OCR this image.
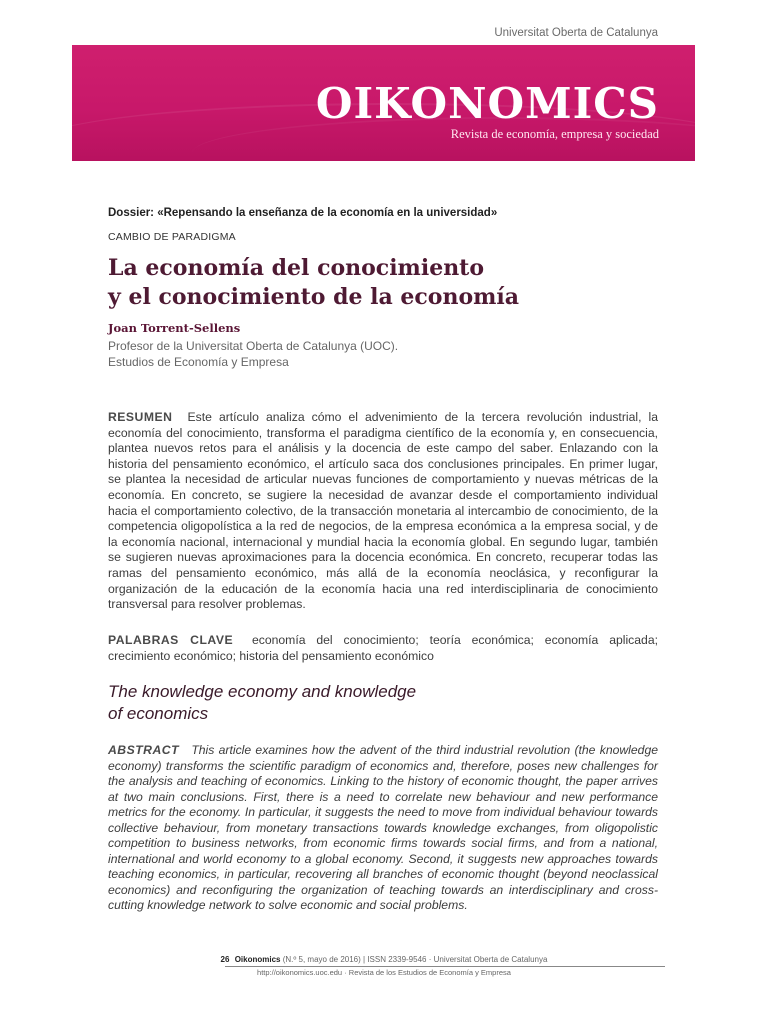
Universitat Oberta de Catalunya
OIKONOMICS
Revista de economía, empresa y sociedad
Dossier: «Repensando la enseñanza de la economía en la universidad»
CAMBIO DE PARADIGMA
La economía del conocimiento
y el conocimiento de la economía
Joan Torrent-Sellens
Profesor de la Universitat Oberta de Catalunya (UOC).
Estudios de Economía y Empresa

RESUMEN Este artículo analiza cómo el advenimiento de la tercera revolución industrial, la economía del conocimiento, transforma el paradigma científico de la economía y, en consecuencia, plantea nuevos retos para el análisis y la docencia de este campo del saber. Enlazando con la historia del pensamiento económico, el artículo saca dos conclusiones principales. En primer lugar, se plantea la necesidad de articular nuevas funciones de comportamiento y nuevas métricas de la economía. En concreto, se sugiere la necesidad de avanzar desde el comportamiento individual hacia el comportamiento colectivo, de la transacción monetaria al intercambio de conocimiento, de la competencia oligopolística a la red de negocios, de la empresa económica a la empresa social, y de la economía nacional, internacional y mundial hacia la economía global. En segundo lugar, también se sugieren nuevas aproximaciones para la docencia económica. En concreto, recuperar todas las ramas del pensamiento económico, más allá de la economía neoclásica, y reconfigurar la organización de la educación de la economía hacia una red interdisciplinaria de conocimiento transversal para resolver problemas.

PALABRAS CLAVE economía del conocimiento; teoría económica; economía aplicada; crecimiento económico; historia del pensamiento económico

The knowledge economy and knowledge
of economics

ABSTRACT This article examines how the advent of the third industrial revolution (the knowledge economy) transforms the scientific paradigm of economics and, therefore, poses new challenges for the analysis and teaching of economics. Linking to the history of economic thought, the paper arrives at two main conclusions. First, there is a need to correlate new behaviour and new performance metrics for the economy. In particular, it suggests the need to move from individual behaviour towards collective behaviour, from monetary transactions towards knowledge exchanges, from oligopolistic competition to business networks, from economic firms towards social firms, and from a national, international and world economy to a global economy. Second, it suggests new approaches towards teaching economics, in particular, recovering all branches of economic thought (beyond neoclassical economics) and reconfiguring the organization of teaching towards an interdisciplinary and cross-cutting knowledge network to solve economic and social problems.

26 Oikonomics (N.º 5, mayo de 2016) | ISSN 2339-9546 · Universitat Oberta de Catalunya
http://oikonomics.uoc.edu · Revista de los Estudios de Economía y Empresa
